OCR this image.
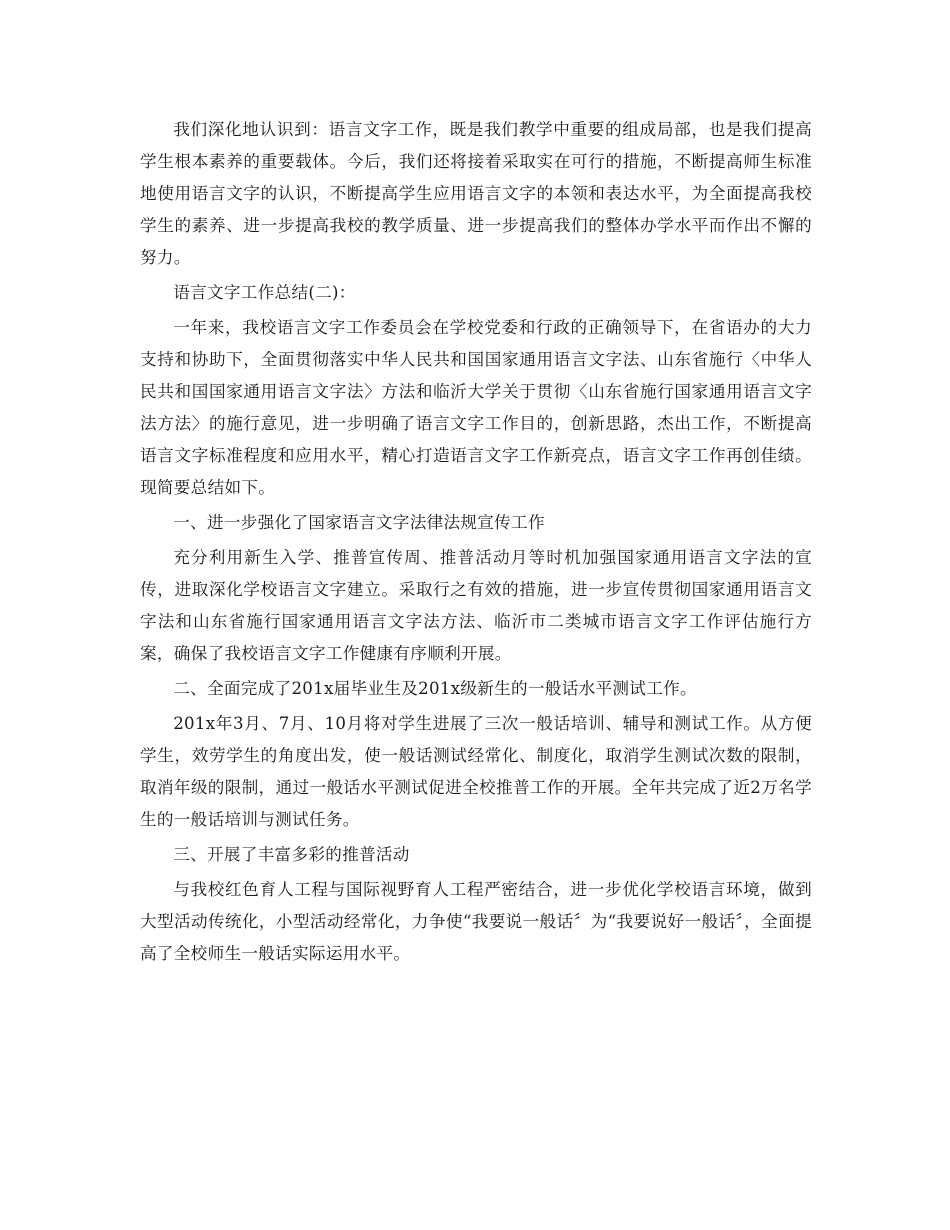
我们深化地认识到：语言文字工作，既是我们教学中重要的组成局部，也是我们提高学生根本素养的重要载体。今后，我们还将接着采取实在可行的措施，不断提高师生标准地使用语言文字的认识，不断提高学生应用语言文字的本领和表达水平，为全面提高我校学生的素养、进一步提高我校的教学质量、进一步提高我们的整体办学水平而作出不懈的努力。

语言文字工作总结(二)：

一年来，我校语言文字工作委员会在学校党委和行政的正确领导下，在省语办的大力支持和协助下，全面贯彻落实中华人民共和国国家通用语言文字法、山东省施行〈中华人民共和国国家通用语言文字法〉方法和临沂大学关于贯彻〈山东省施行国家通用语言文字法方法〉的施行意见，进一步明确了语言文字工作目的，创新思路，杰出工作，不断提高语言文字标准程度和应用水平，精心打造语言文字工作新亮点，语言文字工作再创佳绩。现简要总结如下。

一、进一步强化了国家语言文字法律法规宣传工作

充分利用新生入学、推普宣传周、推普活动月等时机加强国家通用语言文字法的宣传，进取深化学校语言文字建立。采取行之有效的措施，进一步宣传贯彻国家通用语言文字法和山东省施行国家通用语言文字法方法、临沂市二类城市语言文字工作评估施行方案，确保了我校语言文字工作健康有序顺利开展。

二、全面完成了201x届毕业生及201x级新生的一般话水平测试工作。

201x年3月、7月、10月将对学生进展了三次一般话培训、辅导和测试工作。从方便学生，效劳学生的角度出发，使一般话测试经常化、制度化，取消学生测试次数的限制，取消年级的限制，通过一般话水平测试促进全校推普工作的开展。全年共完成了近2万名学生的一般话培训与测试任务。

三、开展了丰富多彩的推普活动

与我校红色育人工程与国际视野育人工程严密结合，进一步优化学校语言环境，做到大型活动传统化，小型活动经常化，力争使“我要说一般话〞为“我要说好一般话〞，全面提高了全校师生一般话实际运用水平。
